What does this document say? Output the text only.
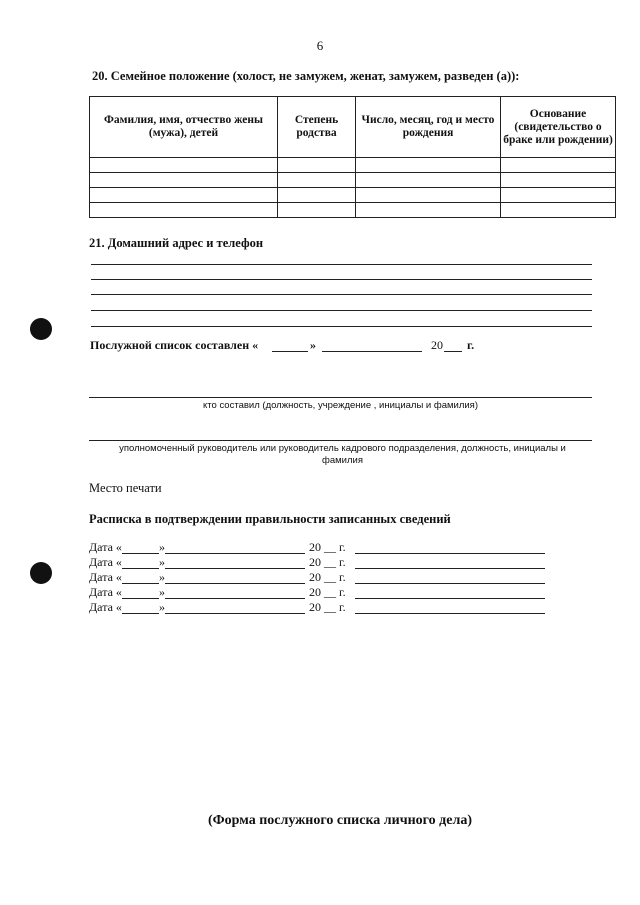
6
20. Семейное положение (холост, не замужем, женат, замужем, разведен (а)):
Фамилия, имя, отчество жены (мужа), детей	Степень родства	Число, месяц, год и место рождения	Основание (свидетельство о браке или рождении)

21. Домашний адрес и телефон
Послужной список составлен «	»	20 г.
кто составил (должность, учреждение , инициалы и фамилия)
уполномоченный руководитель или руководитель кадрового подразделения, должность, инициалы и фамилия
Место печати
Расписка в подтверждении правильности записанных сведений
Дата «	»	20 __ г.
Дата «	»	20 __ г.
Дата «	»	20 __ г.
Дата «	»	20 __ г.
Дата «	»	20 __ г.
(Форма послужного списка личного дела)
